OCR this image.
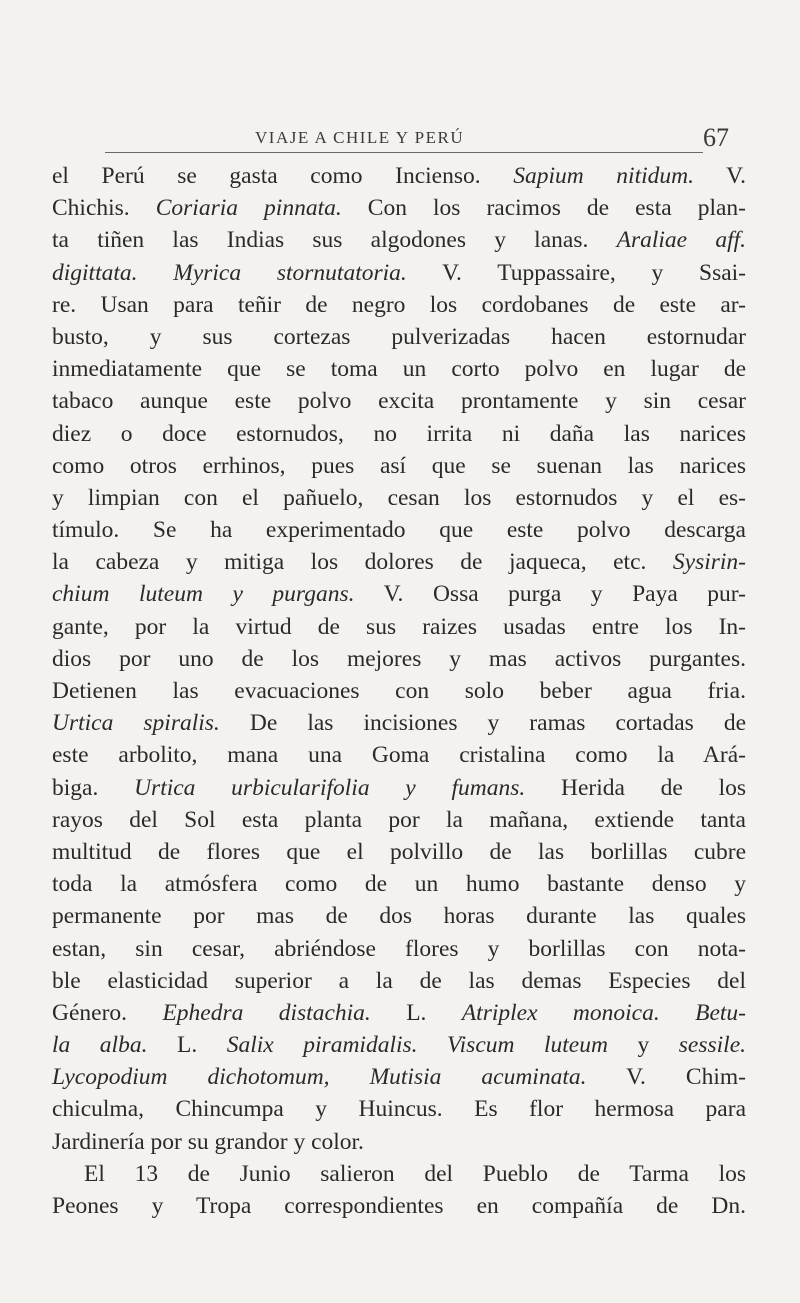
VIAJE A CHILE Y PERÚ	67
el Perú se gasta como Incienso. Sapium nitidum. V.
Chichis. Coriaria pinnata. Con los racimos de esta plan-
ta tiñen las Indias sus algodones y lanas. Araliae aff.
digittata. Myrica stornutatoria. V. Tuppassaire, y Ssai-
re. Usan para teñir de negro los cordobanes de este ar-
busto, y sus cortezas pulverizadas hacen estornudar
inmediatamente que se toma un corto polvo en lugar de
tabaco aunque este polvo excita prontamente y sin cesar
diez o doce estornudos, no irrita ni daña las narices
como otros errhinos, pues así que se suenan las narices
y limpian con el pañuelo, cesan los estornudos y el es-
tímulo. Se ha experimentado que este polvo descarga
la cabeza y mitiga los dolores de jaqueca, etc. Sysirin-
chium luteum y purgans. V. Ossa purga y Paya pur-
gante, por la virtud de sus raizes usadas entre los In-
dios por uno de los mejores y mas activos purgantes.
Detienen las evacuaciones con solo beber agua fria.
Urtica spiralis. De las incisiones y ramas cortadas de
este arbolito, mana una Goma cristalina como la Ará-
biga. Urtica urbicularifolia y fumans. Herida de los
rayos del Sol esta planta por la mañana, extiende tanta
multitud de flores que el polvillo de las borlillas cubre
toda la atmósfera como de un humo bastante denso y
permanente por mas de dos horas durante las quales
estan, sin cesar, abriéndose flores y borlillas con nota-
ble elasticidad superior a la de las demas Especies del
Género. Ephedra distachia. L. Atriplex monoica. Betu-
la alba. L. Salix piramidalis. Viscum luteum y sessile.
Lycopodium dichotomum, Mutisia acuminata. V. Chim-
chiculma, Chincumpa y Huincus. Es flor hermosa para
Jardinería por su grandor y color.
El 13 de Junio salieron del Pueblo de Tarma los
Peones y Tropa correspondientes en compañía de Dn.
